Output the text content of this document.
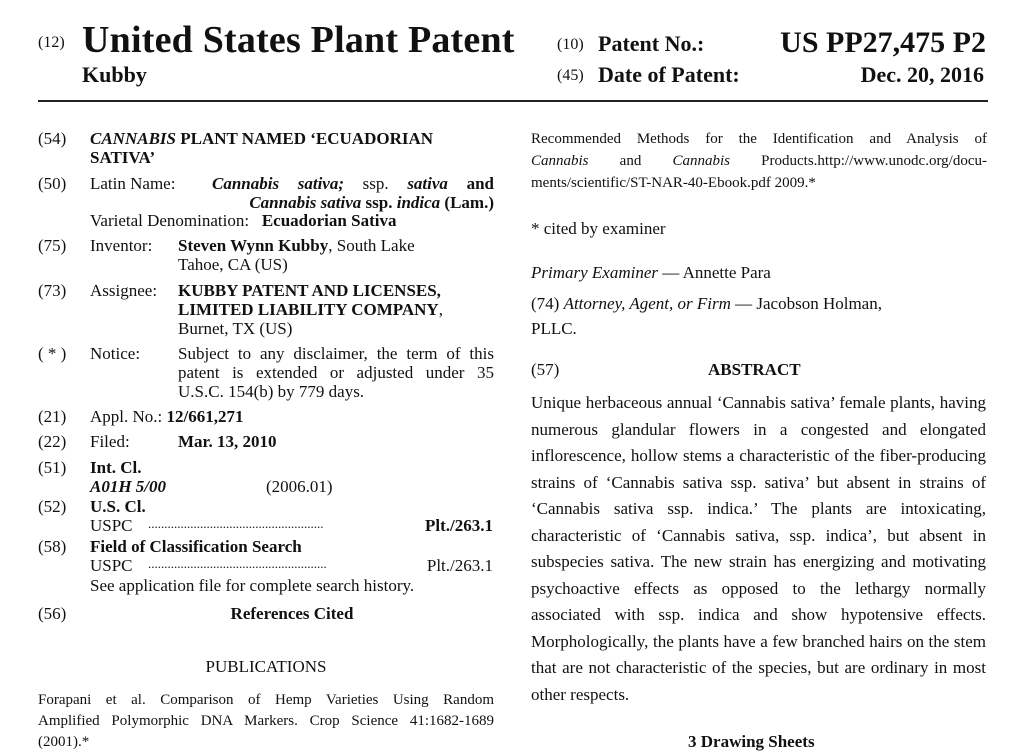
(12) United States Plant Patent
Kubby
(10) Patent No.:	US PP27,475 P2
(45) Date of Patent:	Dec. 20, 2016
(54) CANNABIS PLANT NAMED ‘ECUADORIAN
SATIVA’
(50) Latin Name: Cannabis sativa; ssp. sativa and
Cannabis sativa ssp. indica (Lam.)
Varietal Denomination: Ecuadorian Sativa
(75) Inventor: Steven Wynn Kubby, South Lake
Tahoe, CA (US)
(73) Assignee: KUBBY PATENT AND LICENSES,
LIMITED LIABILITY COMPANY,
Burnet, TX (US)
( * ) Notice: Subject to any disclaimer, the term of this
patent is extended or adjusted under 35
U.S.C. 154(b) by 779 days.
(21) Appl. No.: 12/661,271
(22) Filed:	Mar. 13, 2010
(51) Int. Cl.
A01H 5/00	(2006.01)
(52) U.S. Cl.
USPC ......................................................	Plt./263.1
(58) Field of Classification Search
USPC .......................................................	Plt./263.1
See application file for complete search history.
(56)	References Cited
PUBLICATIONS
Forapani et al. Comparison of Hemp Varieties Using Random
Amplified Polymorphic DNA Markers. Crop Science 41:1682-1689
(2001).*
Recommended Methods for the Identification and Analysis of
Cannabis and Cannabis Products.http://www.unodc.org/docu-
ments/scientific/ST-NAR-40-Ebook.pdf 2009.*
* cited by examiner
Primary Examiner — Annette Para
(74) Attorney, Agent, or Firm — Jacobson Holman,
PLLC.
(57)	ABSTRACT
Unique herbaceous annual ‘Cannabis sativa’ female plants, having numerous glandular flowers in a congested and elongated inflorescence, hollow stems a characteristic of the fiber-producing strains of ‘Cannabis sativa ssp. sativa’ but absent in strains of ‘Cannabis sativa ssp. indica.’ The plants are intoxicating, characteristic of ‘Cannabis sativa, ssp. indica’, but absent in subspecies sativa. The new strain has energizing and motivating psychoactive effects as opposed to the lethargy normally associated with ssp. indica and show hypotensive effects. Morphologically, the plants have a few branched hairs on the stem that are not characteristic of the species, but are ordinary in most other respects.
3 Drawing Sheets
